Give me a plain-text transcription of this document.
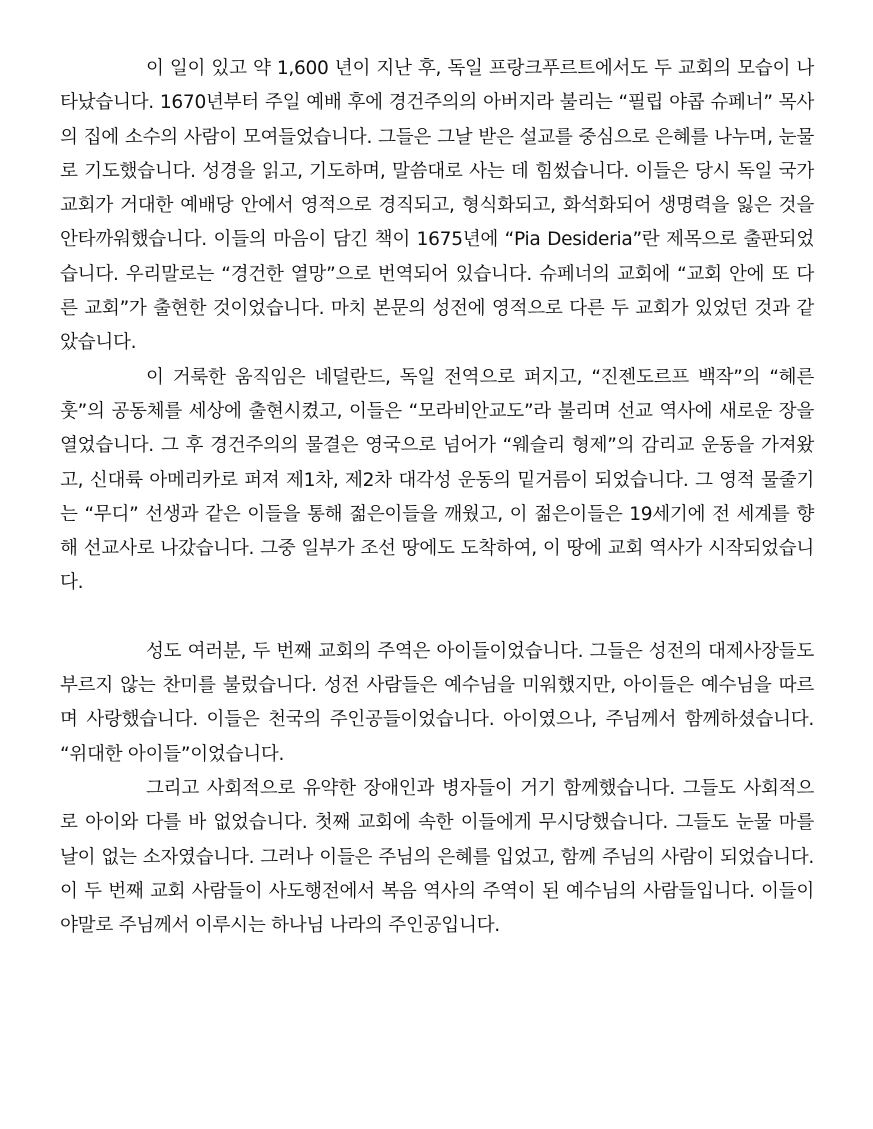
이 일이 있고 약 1,600 년이 지난 후, 독일 프랑크푸르트에서도 두 교회의 모습이 나타났습니다. 1670년부터 주일 예배 후에 경건주의의 아버지라 불리는 “필립 야콥 슈페너” 목사의 집에 소수의 사람이 모여들었습니다. 그들은 그날 받은 설교를 중심으로 은혜를 나누며, 눈물로 기도했습니다. 성경을 읽고, 기도하며, 말씀대로 사는 데 힘썼습니다. 이들은 당시 독일 국가교회가 거대한 예배당 안에서 영적으로 경직되고, 형식화되고, 화석화되어 생명력을 잃은 것을 안타까워했습니다. 이들의 마음이 담긴 책이 1675년에 “Pia Desideria”란 제목으로 출판되었습니다. 우리말로는 “경건한 열망”으로 번역되어 있습니다. 슈페너의 교회에 “교회 안에 또 다른 교회”가 출현한 것이었습니다. 마치 본문의 성전에 영적으로 다른 두 교회가 있었던 것과 같았습니다.

이 거룩한 움직임은 네덜란드, 독일 전역으로 퍼지고, “진젠도르프 백작”의 “헤른훗”의 공동체를 세상에 출현시켰고, 이들은 “모라비안교도”라 불리며 선교 역사에 새로운 장을 열었습니다. 그 후 경건주의의 물결은 영국으로 넘어가 “웨슬리 형제”의 감리교 운동을 가져왔고, 신대륙 아메리카로 퍼져 제1차, 제2차 대각성 운동의 밑거름이 되었습니다. 그 영적 물줄기는 “무디” 선생과 같은 이들을 통해 젊은이들을 깨웠고, 이 젊은이들은 19세기에 전 세계를 향해 선교사로 나갔습니다. 그중 일부가 조선 땅에도 도착하여, 이 땅에 교회 역사가 시작되었습니다.

성도 여러분, 두 번째 교회의 주역은 아이들이었습니다. 그들은 성전의 대제사장들도 부르지 않는 찬미를 불렀습니다. 성전 사람들은 예수님을 미워했지만, 아이들은 예수님을 따르며 사랑했습니다. 이들은 천국의 주인공들이었습니다. 아이였으나, 주님께서 함께하셨습니다. “위대한 아이들”이었습니다.

그리고 사회적으로 유약한 장애인과 병자들이 거기 함께했습니다. 그들도 사회적으로 아이와 다를 바 없었습니다. 첫째 교회에 속한 이들에게 무시당했습니다. 그들도 눈물 마를 날이 없는 소자였습니다. 그러나 이들은 주님의 은혜를 입었고, 함께 주님의 사람이 되었습니다. 이 두 번째 교회 사람들이 사도행전에서 복음 역사의 주역이 된 예수님의 사람들입니다. 이들이야말로 주님께서 이루시는 하나님 나라의 주인공입니다.
